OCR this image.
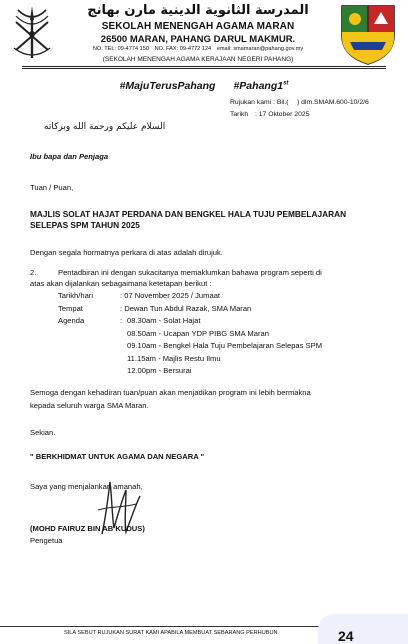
المدرسة الثانوية الدينية مارن بهانج
SEKOLAH MENENGAH AGAMA MARAN
26500 MARAN, PAHANG DARUL MAKMUR.
NO. TEL: 09-4774 150 NO. FAX: 09-4772 124 email: smamaran@pahang.gov.my
(SEKOLAH MENENGAH AGAMA KERAJAAN NEGERI PAHANG)
#MajuTerusPahang #Pahang1st
Rujukan kami : Bil.( ) dlm.SMAM.600-10/2/6
Tarikh : 17 Oktober 2025
السلام عليكم ورحمة الله وبركاته
Ibu bapa dan Penjaga
Tuan / Puan,
MAJLIS SOLAT HAJAT PERDANA DAN BENGKEL HALA TUJU PEMBELAJARAN
SELEPAS SPM TAHUN 2025
Dengan segala hormatnya perkara di atas adalah dirujuk.
2.	Pentadbiran ini dengan sukacitanya memaklumkan bahawa program seperti di
atas akan dijalankan sebagaimana ketetapan berikut :
Tarikh/hari	: 07 November 2025 / Jumaat
Tempat	: Dewan Tun Abdul Razak, SMA Maran
Agenda	: 08.30am - Solat Hajat
08.50am - Ucapan YDP PIBG SMA Maran
09.10am - Bengkel Hala Tuju Pembelajaran Selepas SPM
11.15am - Majlis Restu Ilmu
12.00pm - Bersurai
Semoga dengan kehadiran tuan/puan akan menjadikan program ini lebih bermakna
kepada seluruh warga SMA Maran.
Sekian.
" BERKHIDMAT UNTUK AGAMA DAN NEGARA "
Saya yang menjalankan amanah,
(MOHD FAIRUZ BIN AB KUDUS)
Pengetua
SILA SEBUT RUJUKAN SURAT KAMI APABILA MEMBUAT SEBARANG PERHUBUN	24
